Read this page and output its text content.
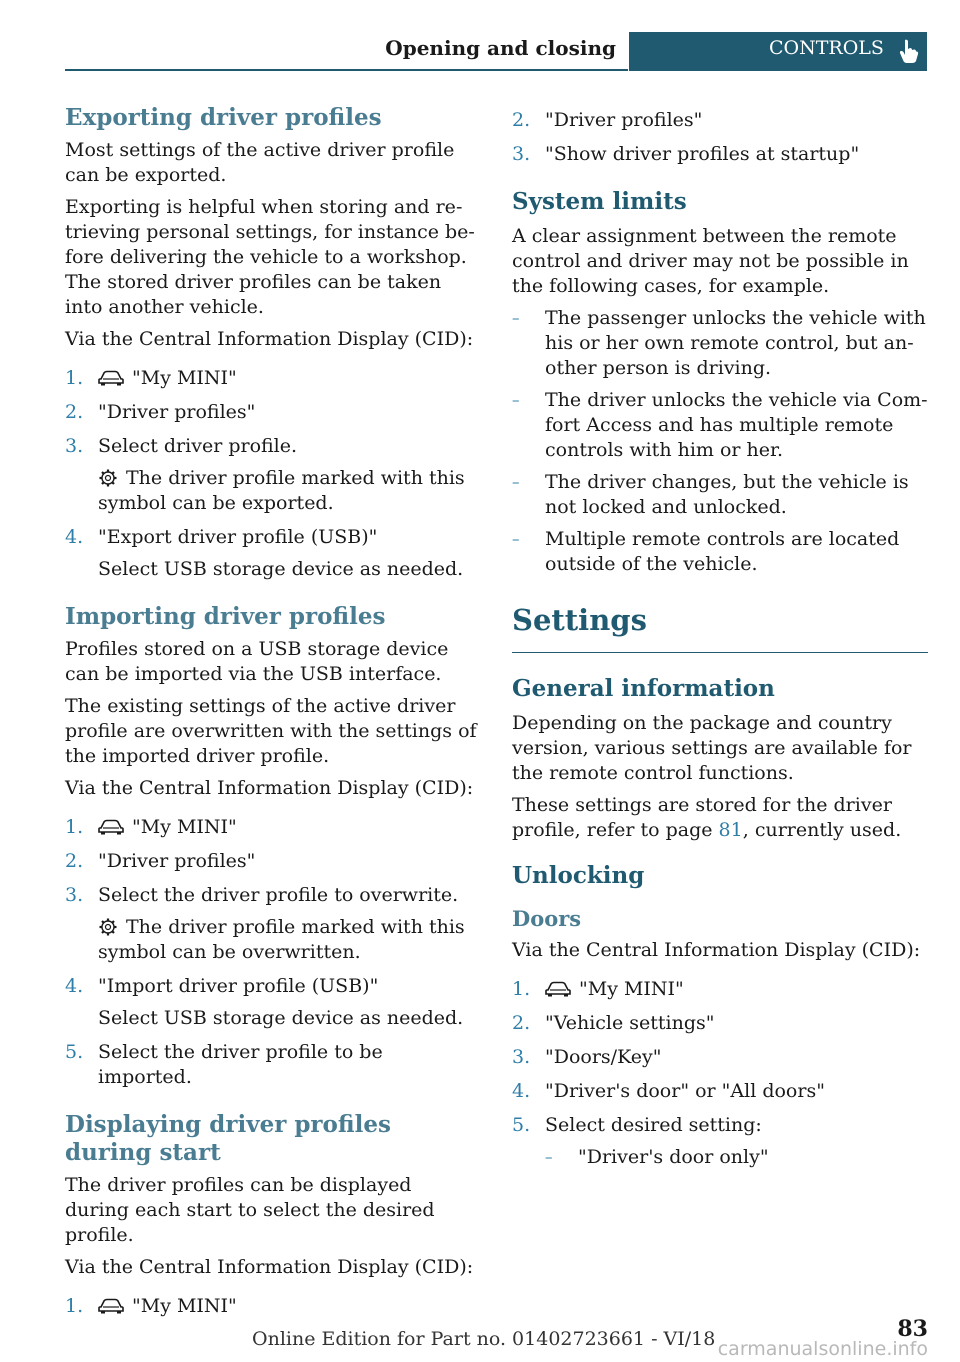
Opening and closing	CONTROLS
Exporting driver profiles

Most settings of the active driver profile can be exported.

Exporting is helpful when storing and retrieving personal settings, for instance before delivering the vehicle to a workshop. The stored driver profiles can be taken into another vehicle.

Via the Central Information Display (CID):

1.	"My MINI"
2. "Driver profiles"
3. Select driver profile.
The driver profile marked with this symbol can be exported.
4. "Export driver profile (USB)"
Select USB storage device as needed.
Importing driver profiles

Profiles stored on a USB storage device can be imported via the USB interface.

The existing settings of the active driver profile are overwritten with the settings of the imported driver profile.

Via the Central Information Display (CID):

1.	"My MINI"
2. "Driver profiles"
3. Select the driver profile to overwrite.
The driver profile marked with this symbol can be overwritten.
4. "Import driver profile (USB)"
Select USB storage device as needed.
5. Select the driver profile to be imported.
Displaying driver profiles during start

The driver profiles can be displayed during each start to select the desired profile.

Via the Central Information Display (CID):

1.	"My MINI"
2. "Driver profiles"
3. "Show driver profiles at startup"
System limits

A clear assignment between the remote control and driver may not be possible in the following cases, for example.

– The passenger unlocks the vehicle with his or her own remote control, but another person is driving.
– The driver unlocks the vehicle via Comfort Access and has multiple remote controls with him or her.
– The driver changes, but the vehicle is not locked and unlocked.
– Multiple remote controls are located outside of the vehicle.
Settings
General information

Depending on the package and country version, various settings are available for the remote control functions.

These settings are stored for the driver profile, refer to page 81, currently used.

Unlocking
Doors

Via the Central Information Display (CID):

1.	"My MINI"
2. "Vehicle settings"
3. "Doors/Key"
4. "Driver's door" or "All doors"
5. Select desired setting:
– "Driver's door only"
83
Online Edition for Part no. 01402723661 - VI/18 carmanualsonline.info
